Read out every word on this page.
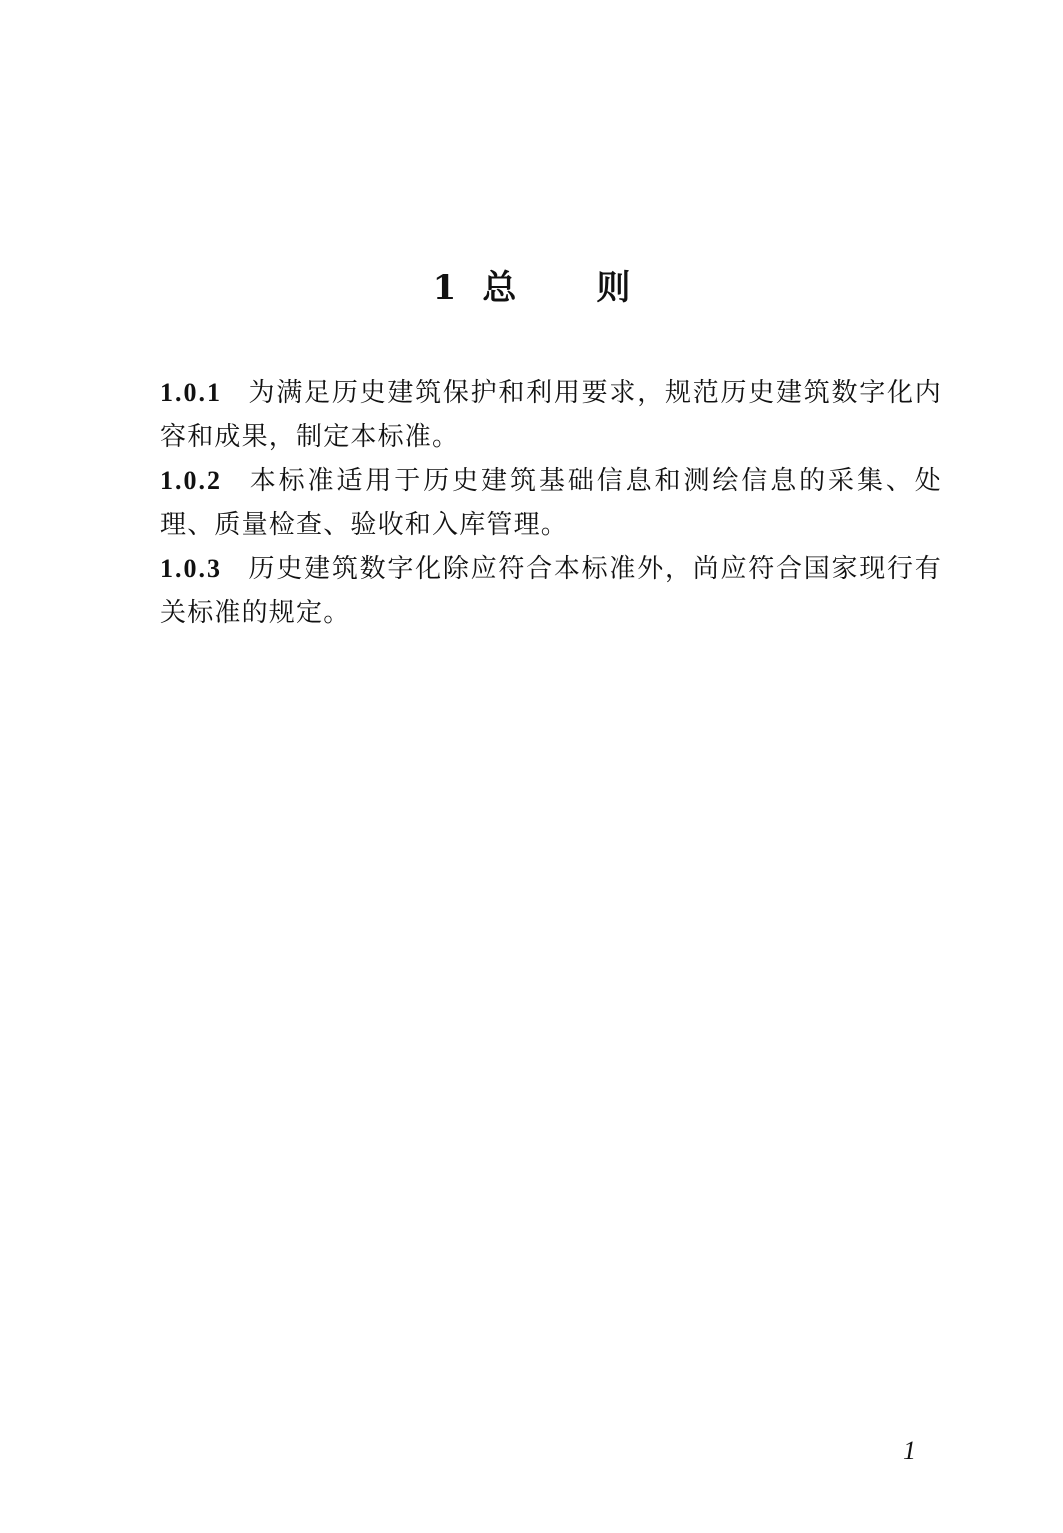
1 总则

1.0.1 为满足历史建筑保护和利用要求，规范历史建筑数字化内容和成果，制定本标准。

1.0.2 本标准适用于历史建筑基础信息和测绘信息的采集、处理、质量检查、验收和入库管理。

1.0.3 历史建筑数字化除应符合本标准外，尚应符合国家现行有关标准的规定。

1
